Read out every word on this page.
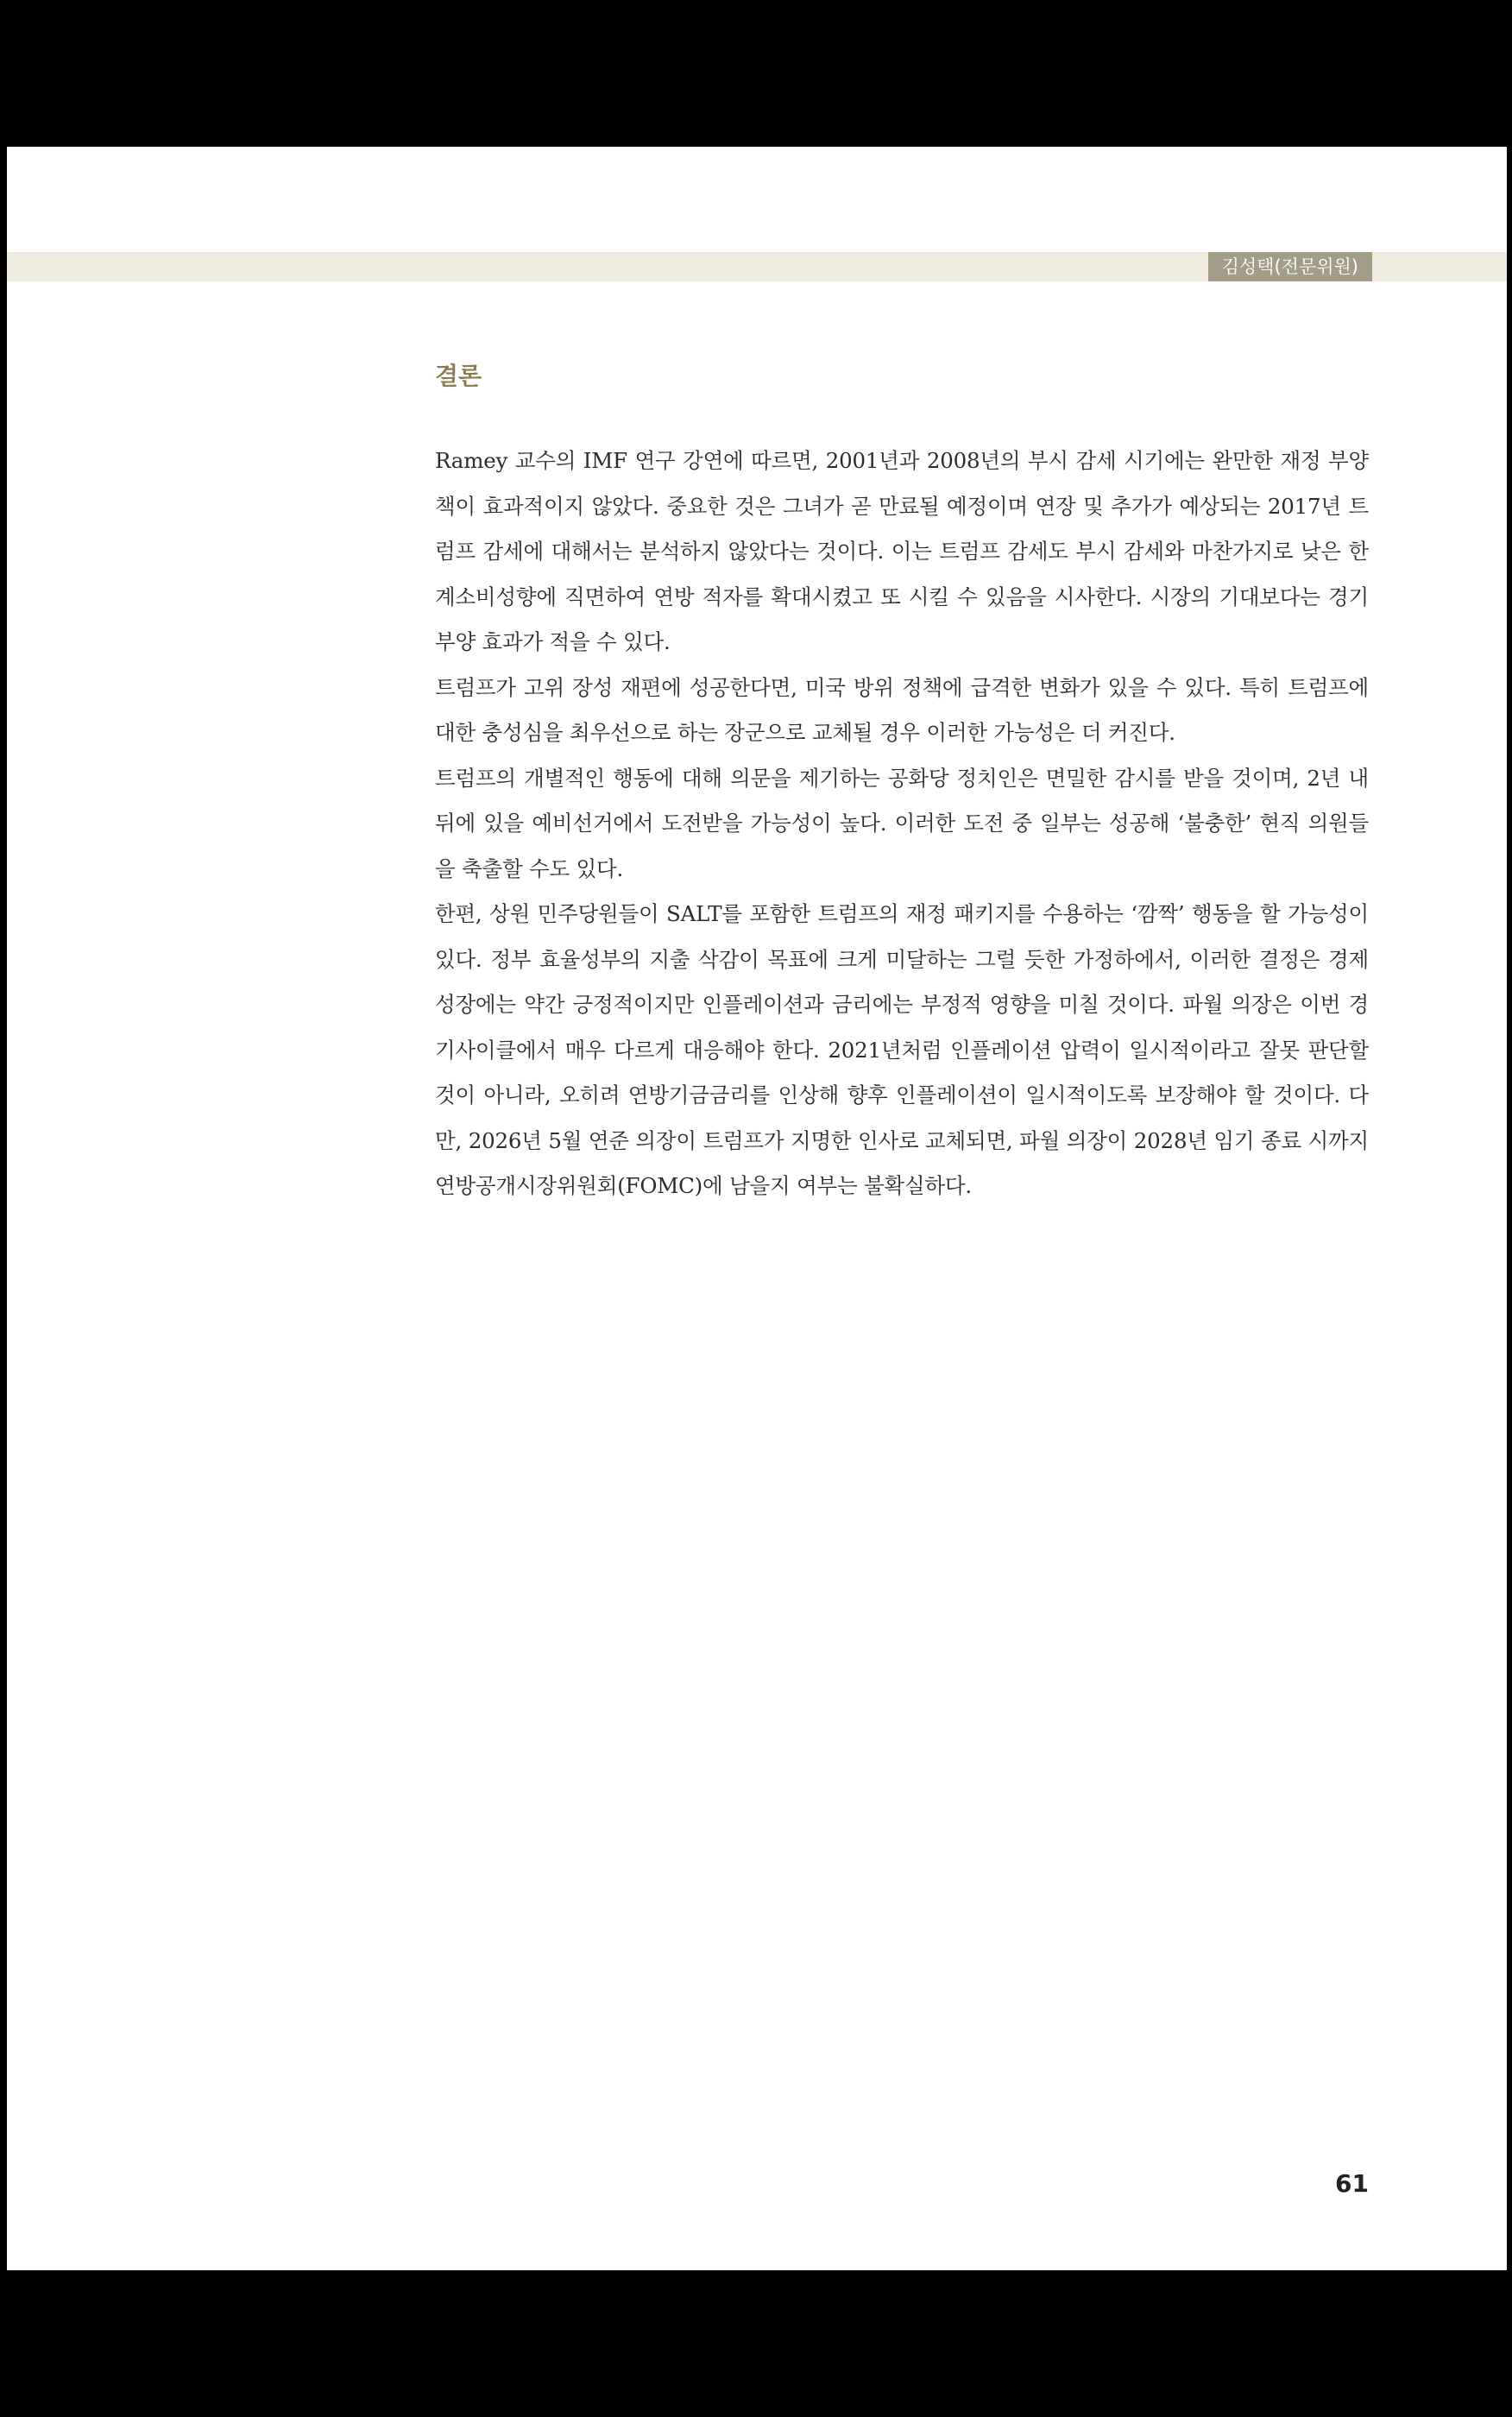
김성택(전문위원)
결론

Ramey 교수의 IMF 연구 강연에 따르면, 2001년과 2008년의 부시 감세 시기에는 완만한 재정 부양책이 효과적이지 않았다. 중요한 것은 그녀가 곧 만료될 예정이며 연장 및 추가가 예상되는 2017년 트럼프 감세에 대해서는 분석하지 않았다는 것이다. 이는 트럼프 감세도 부시 감세와 마찬가지로 낮은 한계소비성향에 직면하여 연방 적자를 확대시켰고 또 시킬 수 있음을 시사한다. 시장의 기대보다는 경기부양 효과가 적을 수 있다.

트럼프가 고위 장성 재편에 성공한다면, 미국 방위 정책에 급격한 변화가 있을 수 있다. 특히 트럼프에 대한 충성심을 최우선으로 하는 장군으로 교체될 경우 이러한 가능성은 더 커진다.

트럼프의 개별적인 행동에 대해 의문을 제기하는 공화당 정치인은 면밀한 감시를 받을 것이며, 2년 내 뒤에 있을 예비선거에서 도전받을 가능성이 높다. 이러한 도전 중 일부는 성공해 ‘불충한’ 현직 의원들을 축출할 수도 있다.

한편, 상원 민주당원들이 SALT를 포함한 트럼프의 재정 패키지를 수용하는 ‘깜짝’ 행동을 할 가능성이 있다. 정부 효율성부의 지출 삭감이 목표에 크게 미달하는 그럴 듯한 가정하에서, 이러한 결정은 경제 성장에는 약간 긍정적이지만 인플레이션과 금리에는 부정적 영향을 미칠 것이다. 파월 의장은 이번 경기사이클에서 매우 다르게 대응해야 한다. 2021년처럼 인플레이션 압력이 일시적이라고 잘못 판단할 것이 아니라, 오히려 연방기금금리를 인상해 향후 인플레이션이 일시적이도록 보장해야 할 것이다. 다만, 2026년 5월 연준 의장이 트럼프가 지명한 인사로 교체되면, 파월 의장이 2028년 임기 종료 시까지 연방공개시장위원회(FOMC)에 남을지 여부는 불확실하다.

61
